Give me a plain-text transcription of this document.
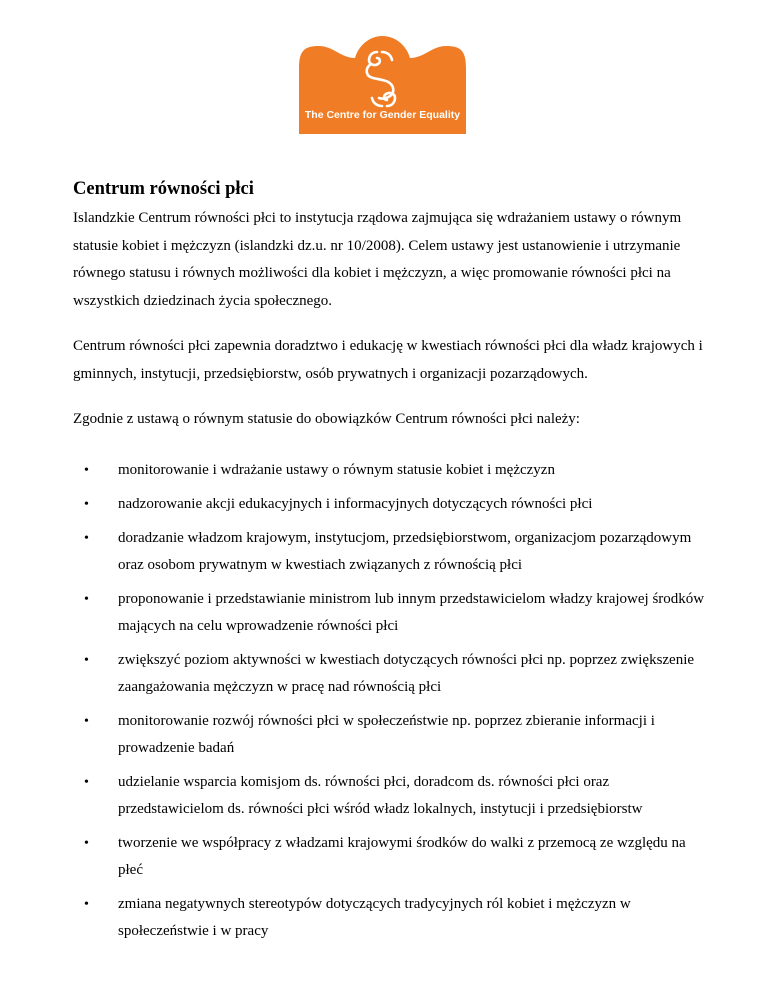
The Centre for Gender Equality
Centrum równości płci

Islandzkie Centrum równości płci to instytucja rządowa zajmująca się wdrażaniem ustawy o równym statusie kobiet i mężczyzn (islandzki dz.u. nr 10/2008). Celem ustawy jest ustanowienie i utrzymanie równego statusu i równych możliwości dla kobiet i mężczyzn, a więc promowanie równości płci na wszystkich dziedzinach życia społecznego.

Centrum równości płci zapewnia doradztwo i edukację w kwestiach równości płci dla władz krajowych i gminnych, instytucji, przedsiębiorstw, osób prywatnych i organizacji pozarządowych.

Zgodnie z ustawą o równym statusie do obowiązków Centrum równości płci należy:

• monitorowanie i wdrażanie ustawy o równym statusie kobiet i mężczyzn
• nadzorowanie akcji edukacyjnych i informacyjnych dotyczących równości płci
• doradzanie władzom krajowym, instytucjom, przedsiębiorstwom, organizacjom pozarządowym oraz osobom prywatnym w kwestiach związanych z równością płci
• proponowanie i przedstawianie ministrom lub innym przedstawicielom władzy krajowej środków mających na celu wprowadzenie równości płci
• zwiększyć poziom aktywności w kwestiach dotyczących równości płci np. poprzez zwiększenie zaangażowania mężczyzn w pracę nad równością płci
• monitorowanie rozwój równości płci w społeczeństwie np. poprzez zbieranie informacji i prowadzenie badań
• udzielanie wsparcia komisjom ds. równości płci, doradcom ds. równości płci oraz przedstawicielom ds. równości płci wśród władz lokalnych, instytucji i przedsiębiorstw
• tworzenie we współpracy z władzami krajowymi środków do walki z przemocą ze względu na płeć
• zmiana negatywnych stereotypów dotyczących tradycyjnych ról kobiet i mężczyzn w społeczeństwie i w pracy
